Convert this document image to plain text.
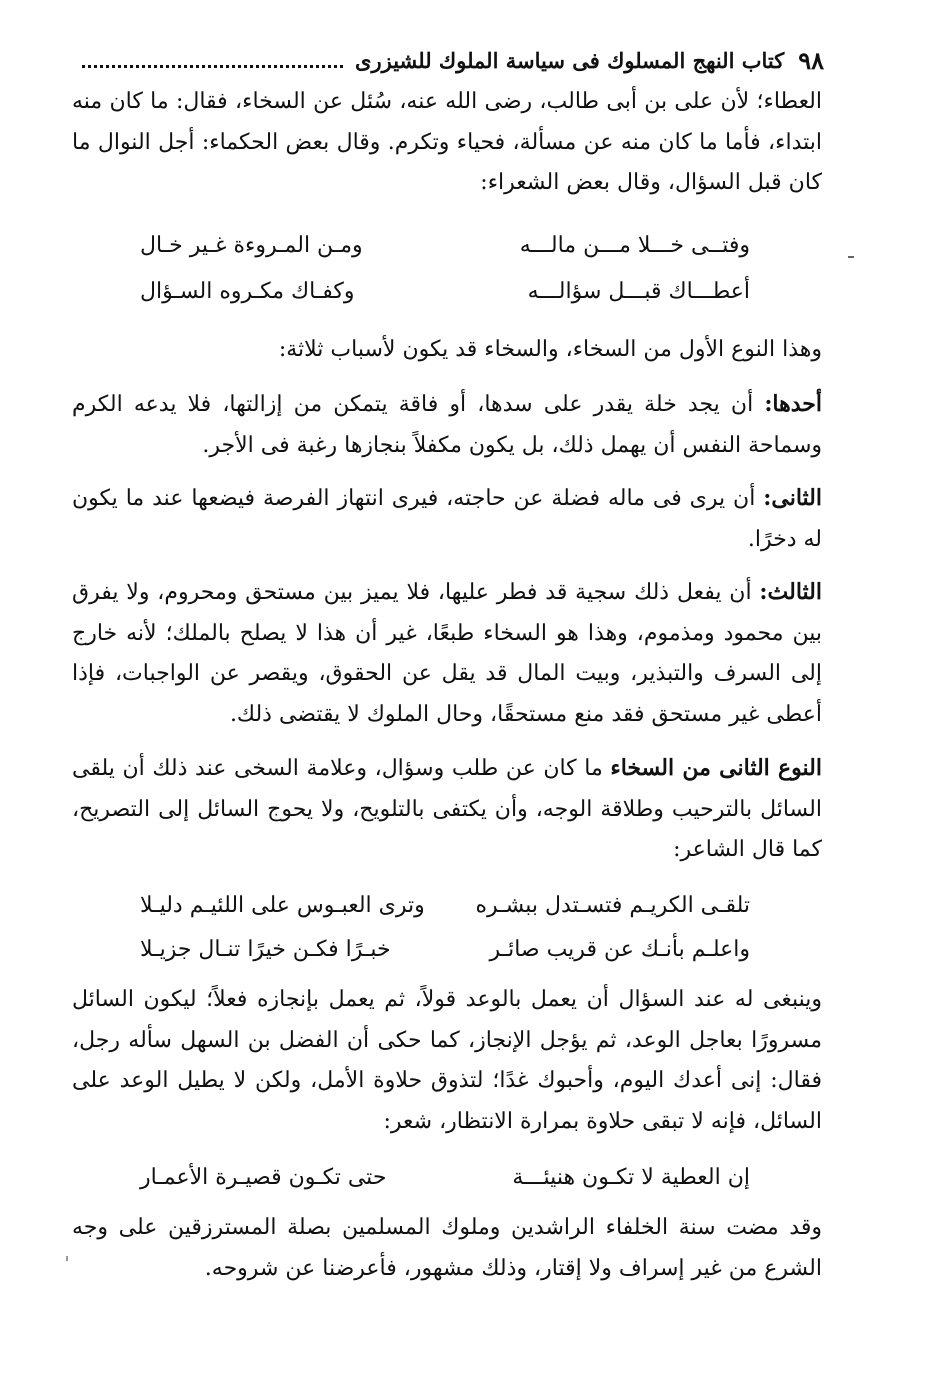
٩٨
كتاب النهج المسلوك فى سياسة الملوك للشيزرى
العطاء؛ لأن على بن أبى طالب، رضى الله عنه، سُئل عن السخاء، فقال: ما كان منه ابتداء، فأما ما كان منه عن مسألة، فحياء وتكرم. وقال بعض الحكماء: أجل النوال ما كان قبل السؤال، وقال بعض الشعراء:
وفتــى خـــلا مـــن مالـــه
ومـن المـروءة غـير خـال
أعطـــاك قبـــل سؤالـــه
وكفـاك مكـروه السـؤال
وهذا النوع الأول من السخاء، والسخاء قد يكون لأسباب ثلاثة:
أحدها: أن يجد خلة يقدر على سدها، أو فاقة يتمكن من إزالتها، فلا يدعه الكرم وسماحة النفس أن يهمل ذلك، بل يكون مكفلاً بنجازها رغبة فى الأجر.
الثانى: أن يرى فى ماله فضلة عن حاجته، فيرى انتهاز الفرصة فيضعها عند ما يكون له دخرًا.
الثالث: أن يفعل ذلك سجية قد فطر عليها، فلا يميز بين مستحق ومحروم، ولا يفرق بين محمود ومذموم، وهذا هو السخاء طبعًا، غير أن هذا لا يصلح بالملك؛ لأنه خارج إلى السرف والتبذير، وبيت المال قد يقل عن الحقوق، ويقصر عن الواجبات، فإذا أعطى غير مستحق فقد منع مستحقًا، وحال الملوك لا يقتضى ذلك.
النوع الثانى من السخاء ما كان عن طلب وسؤال، وعلامة السخى عند ذلك أن يلقى السائل بالترحيب وطلاقة الوجه، وأن يكتفى بالتلويح، ولا يحوج السائل إلى التصريح، كما قال الشاعر:
تلقـى الكريـم فتسـتدل ببشـره
وترى العبـوس على اللئيـم دليـلا
واعلـم بأنـك عن قريب صائـر
خبـرًا فكـن خيرًا تنـال جزيـلا
وينبغى له عند السؤال أن يعمل بالوعد قولاً، ثم يعمل بإنجازه فعلاً؛ ليكون السائل مسرورًا بعاجل الوعد، ثم يؤجل الإنجاز، كما حكى أن الفضل بن السهل سأله رجل، فقال: إنى أعدك اليوم، وأحبوك غدًا؛ لتذوق حلاوة الأمل، ولكن لا يطيل الوعد على السائل، فإنه لا تبقى حلاوة بمرارة الانتظار، شعر:
إن العطية لا تكـون هنيئـــة
حتى تكـون قصيـرة الأعمـار
وقد مضت سنة الخلفاء الراشدين وملوك المسلمين بصلة المسترزقين على وجه الشرع من غير إسراف ولا إقتار، وذلك مشهور، فأعرضنا عن شروحه.
